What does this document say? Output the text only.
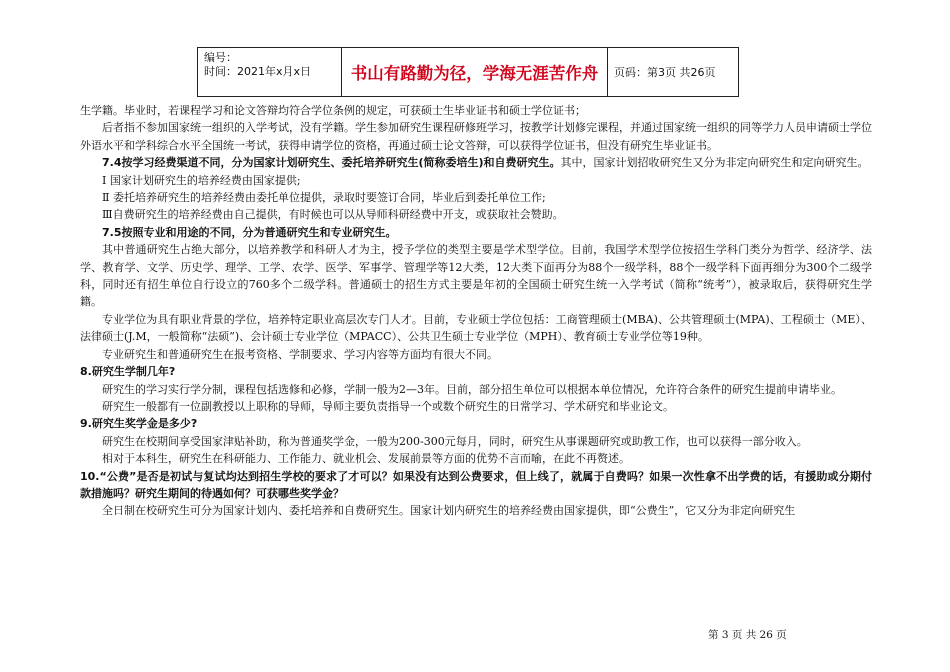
编号：
时间：2021年x月x日	书山有路勤为径，学海无涯苦作舟	页码：第3页 共26页

生学籍。毕业时，若课程学习和论文答辩均符合学位条例的规定，可获硕士生毕业证书和硕士学位证书；

后者指不参加国家统一组织的入学考试，没有学籍。学生参加研究生课程研修班学习，按教学计划修完课程，并通过国家统一组织的同等学力人员申请硕士学位外语水平和学科综合水平全国统一考试，获得申请学位的资格，再通过硕士论文答辩，可以获得学位证书，但没有研究生毕业证书。

7.4按学习经费渠道不同，分为国家计划研究生、委托培养研究生(简称委培生)和自费研究生。其中，国家计划招收研究生又分为非定向研究生和定向研究生。

Ⅰ 国家计划研究生的培养经费由国家提供;

Ⅱ 委托培养研究生的培养经费由委托单位提供，录取时要签订合同，毕业后到委托单位工作;

Ⅲ自费研究生的培养经费由自己提供，有时候也可以从导师科研经费中开支，或获取社会赞助。

7.5按照专业和用途的不同，分为普通研究生和专业研究生。

其中普通研究生占绝大部分，以培养教学和科研人才为主，授予学位的类型主要是学术型学位。目前，我国学术型学位按招生学科门类分为哲学、经济学、法学、教育学、文学、历史学、理学、工学、农学、医学、军事学、管理学等12大类，12大类下面再分为88个一级学科，88个一级学科下面再细分为300个二级学科，同时还有招生单位自行设立的760多个二级学科。普通硕士的招生方式主要是年初的全国硕士研究生统一入学考试（简称“统考”），被录取后，获得研究生学籍。

专业学位为具有职业背景的学位，培养特定职业高层次专门人才。目前，专业硕士学位包括：工商管理硕士(MBA)、公共管理硕士(MPA)、工程硕士（ME）、法律硕士(J.M，一般简称“法硕”)、会计硕士专业学位（MPACC）、公共卫生硕士专业学位（MPH）、教育硕士专业学位等19种。

专业研究生和普通研究生在报考资格、学制要求、学习内容等方面均有很大不同。

8.研究生学制几年?

研究生的学习实行学分制，课程包括选修和必修，学制一般为2—3年。目前，部分招生单位可以根据本单位情况，允许符合条件的研究生提前申请毕业。

研究生一般都有一位副教授以上职称的导师，导师主要负责指导一个或数个研究生的日常学习、学术研究和毕业论文。

9.研究生奖学金是多少?

研究生在校期间享受国家津贴补助，称为普通奖学金，一般为200-300元每月，同时，研究生从事课题研究或助教工作，也可以获得一部分收入。

相对于本科生，研究生在科研能力、工作能力、就业机会、发展前景等方面的优势不言而喻，在此不再赘述。

10.“公费”是否是初试与复试均达到招生学校的要求了才可以？如果没有达到公费要求，但上线了，就属于自费吗？如果一次性拿不出学费的话，有援助或分期付款措施吗？研究生期间的待遇如何？可获哪些奖学金？

全日制在校研究生可分为国家计划内、委托培养和自费研究生。国家计划内研究生的培养经费由国家提供，即“公费生”，它又分为非定向研究生

第 3 页 共 26 页
